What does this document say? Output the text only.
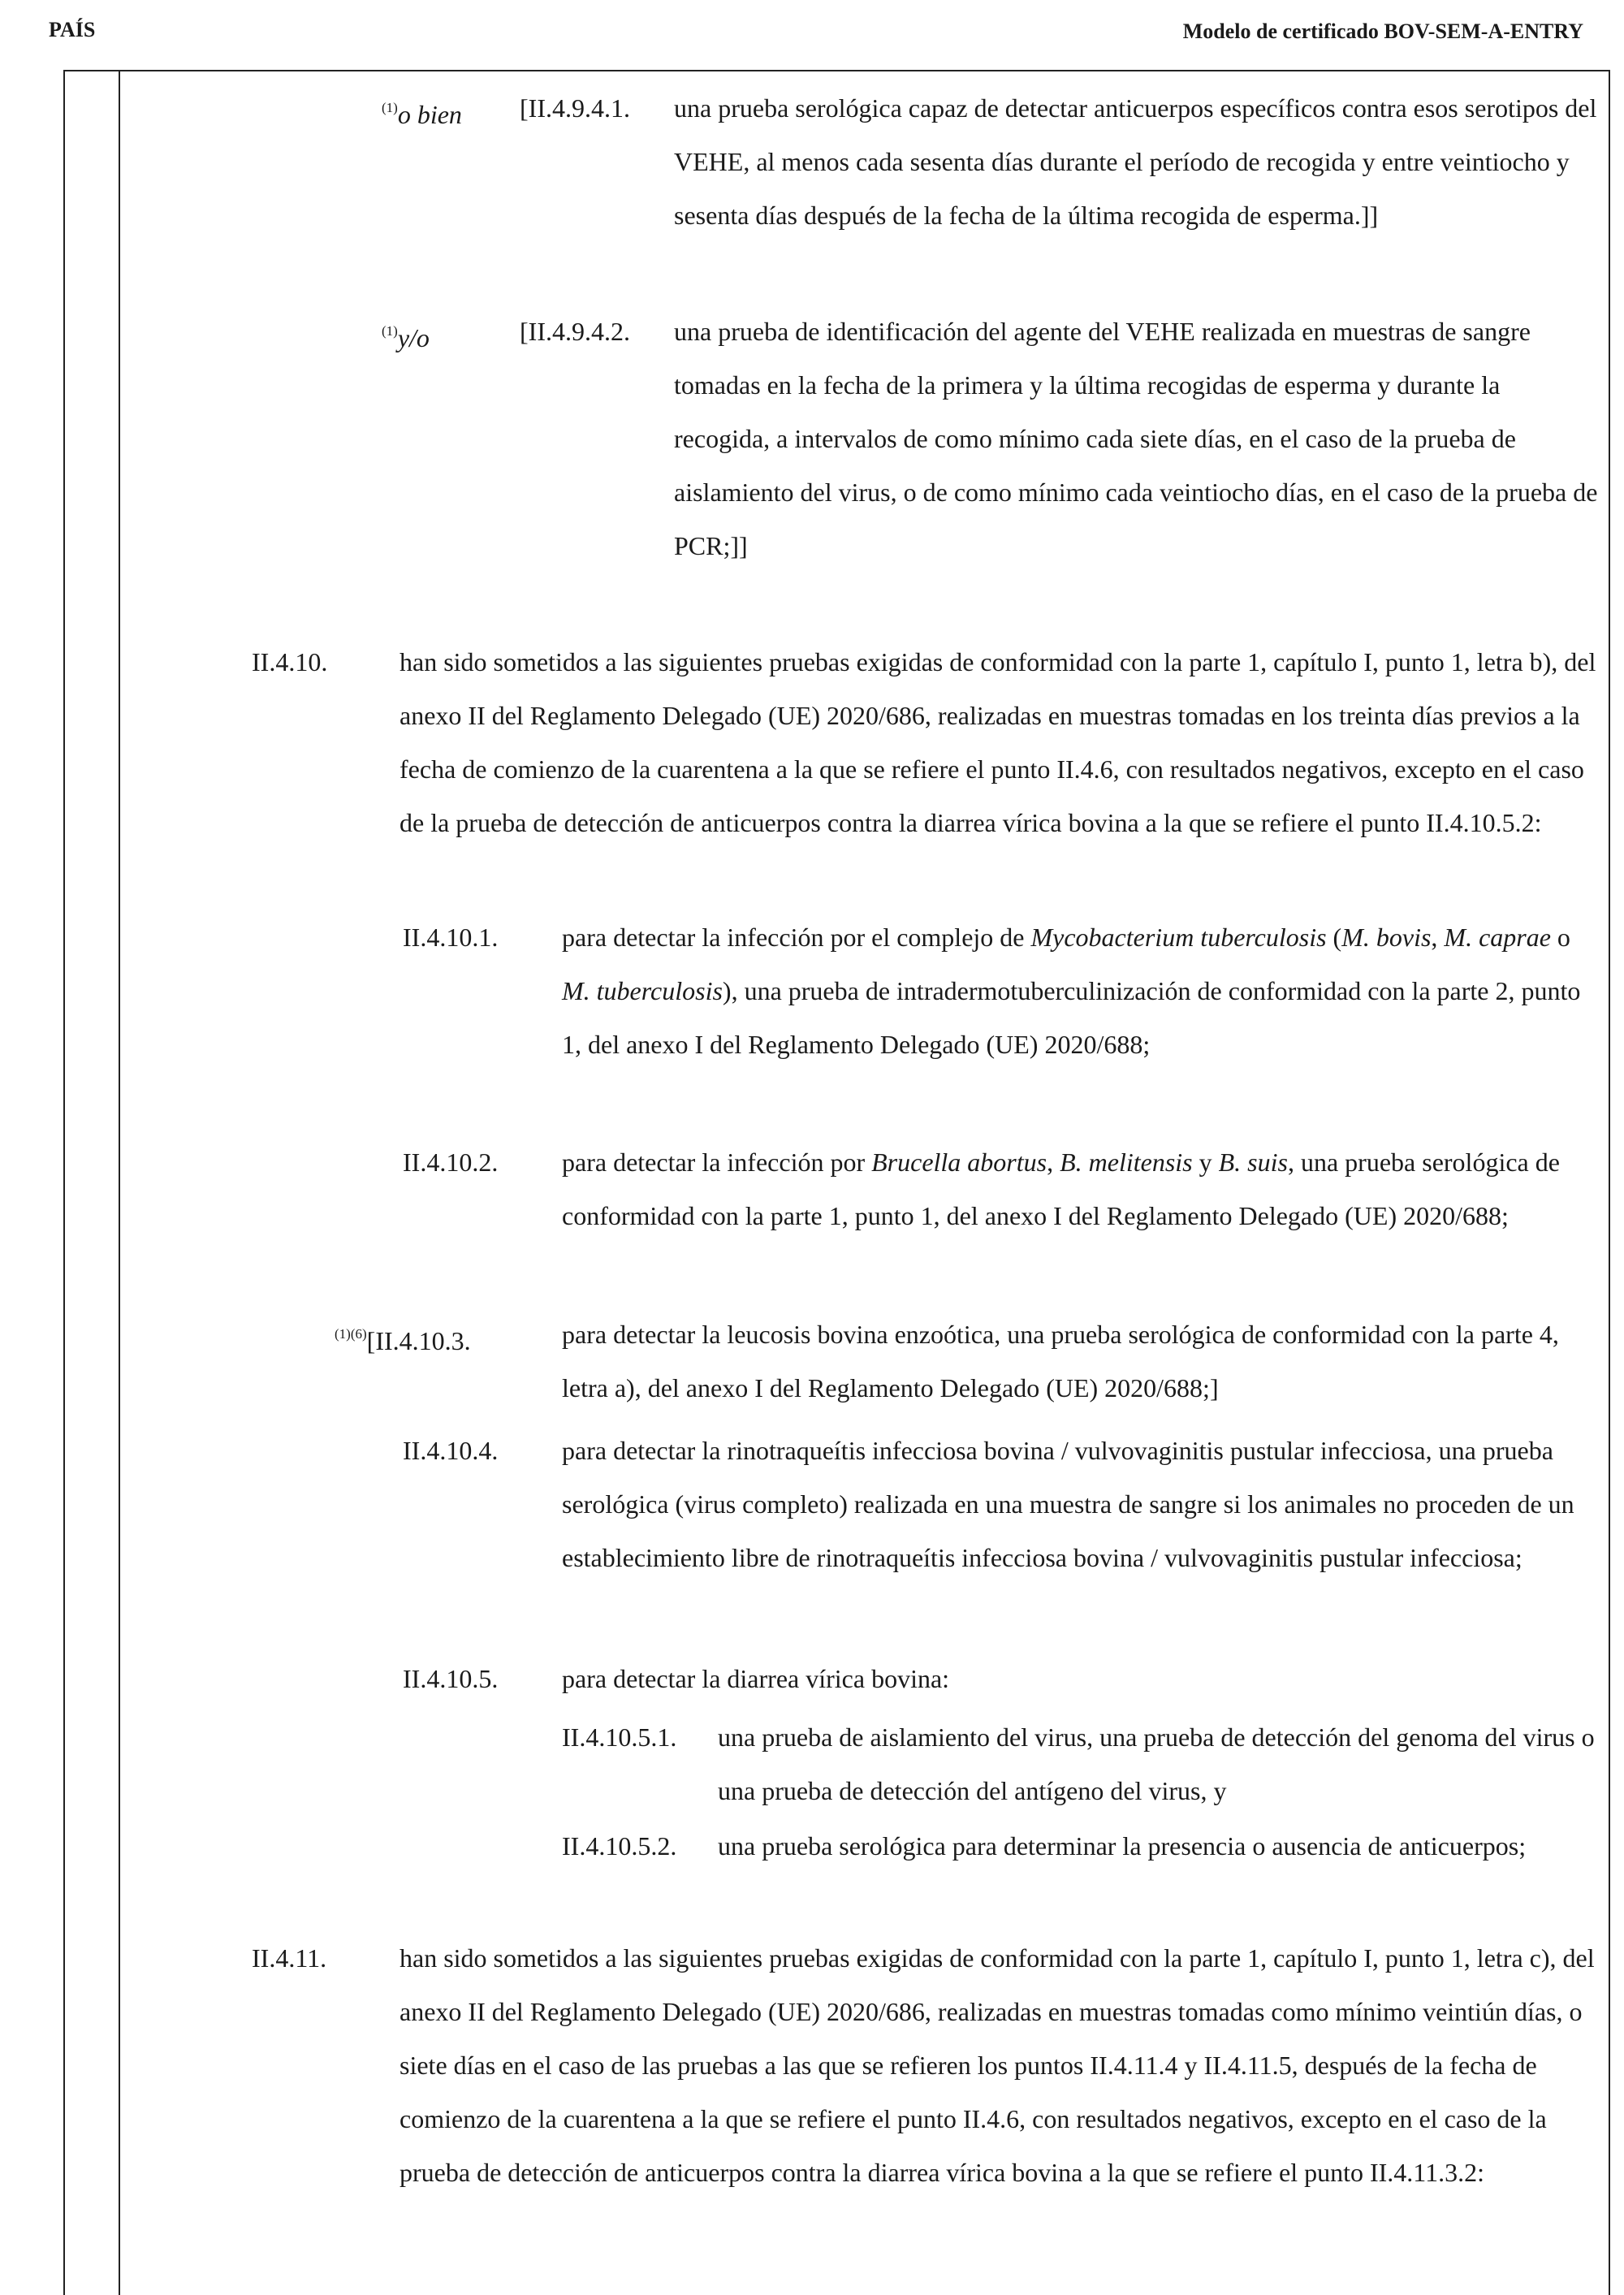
PAÍS	Modelo de certificado BOV-SEM-A-ENTRY
$^{(1)}$o bien [II.4.9.4.1. una prueba serológica capaz de detectar anticuerpos específicos contra esos serotipos del VEHE, al menos cada sesenta días durante el período de recogida y entre veintiocho y sesenta días después de la fecha de la última recogida de esperma.]]
$^{(1)}$y/o	[II.4.9.4.2. una prueba de identificación del agente del VEHE realizada en muestras de sangre tomadas en la fecha de la primera y la última recogidas de esperma y durante la recogida, a intervalos de como mínimo cada siete días, en el caso de la prueba de aislamiento del virus, o de como mínimo cada veintiocho días, en el caso de la prueba de PCR;]]
II.4.10.	han sido sometidos a las siguientes pruebas exigidas de conformidad con la parte 1, capítulo I, punto 1, letra b), del anexo II del Reglamento Delegado (UE) 2020/686, realizadas en muestras tomadas en los treinta días previos a la fecha de comienzo de la cuarentena a la que se refiere el punto II.4.6, con resultados negativos, excepto en el caso de la prueba de detección de anticuerpos contra la diarrea vírica bovina a la que se refiere el punto II.4.10.5.2:
II.4.10.1. para detectar la infección por el complejo de Mycobacterium tuberculosis (M. bovis, M. caprae o M. tuberculosis), una prueba de intradermotuberculinización de conformidad con la parte 2, punto 1, del anexo I del Reglamento Delegado (UE) 2020/688;
II.4.10.2. para detectar la infección por Brucella abortus, B. melitensis y B. suis, una prueba serológica de conformidad con la parte 1, punto 1, del anexo I del Reglamento Delegado (UE) 2020/688;
$^{(1)(6)}$[II.4.10.3.	para detectar la leucosis bovina enzoótica, una prueba serológica de conformidad con la parte 4, letra a), del anexo I del Reglamento Delegado (UE) 2020/688;]
II.4.10.4. para detectar la rinotraqueítis infecciosa bovina / vulvovaginitis pustular infecciosa, una prueba serológica (virus completo) realizada en una muestra de sangre si los animales no proceden de un establecimiento libre de rinotraqueítis infecciosa bovina / vulvovaginitis pustular infecciosa;
II.4.10.5. para detectar la diarrea vírica bovina:
II.4.10.5.1. una prueba de aislamiento del virus, una prueba de detección del genoma del virus o una prueba de detección del antígeno del virus, y
II.4.10.5.2. una prueba serológica para determinar la presencia o ausencia de anticuerpos;
II.4.11.	han sido sometidos a las siguientes pruebas exigidas de conformidad con la parte 1, capítulo I, punto 1, letra c), del anexo II del Reglamento Delegado (UE) 2020/686, realizadas en muestras tomadas como mínimo veintiún días, o siete días en el caso de las pruebas a las que se refieren los puntos II.4.11.4 y II.4.11.5, después de la fecha de comienzo de la cuarentena a la que se refiere el punto II.4.6, con resultados negativos, excepto en el caso de la prueba de detección de anticuerpos contra la diarrea vírica bovina a la que se refiere el punto II.4.11.3.2:
